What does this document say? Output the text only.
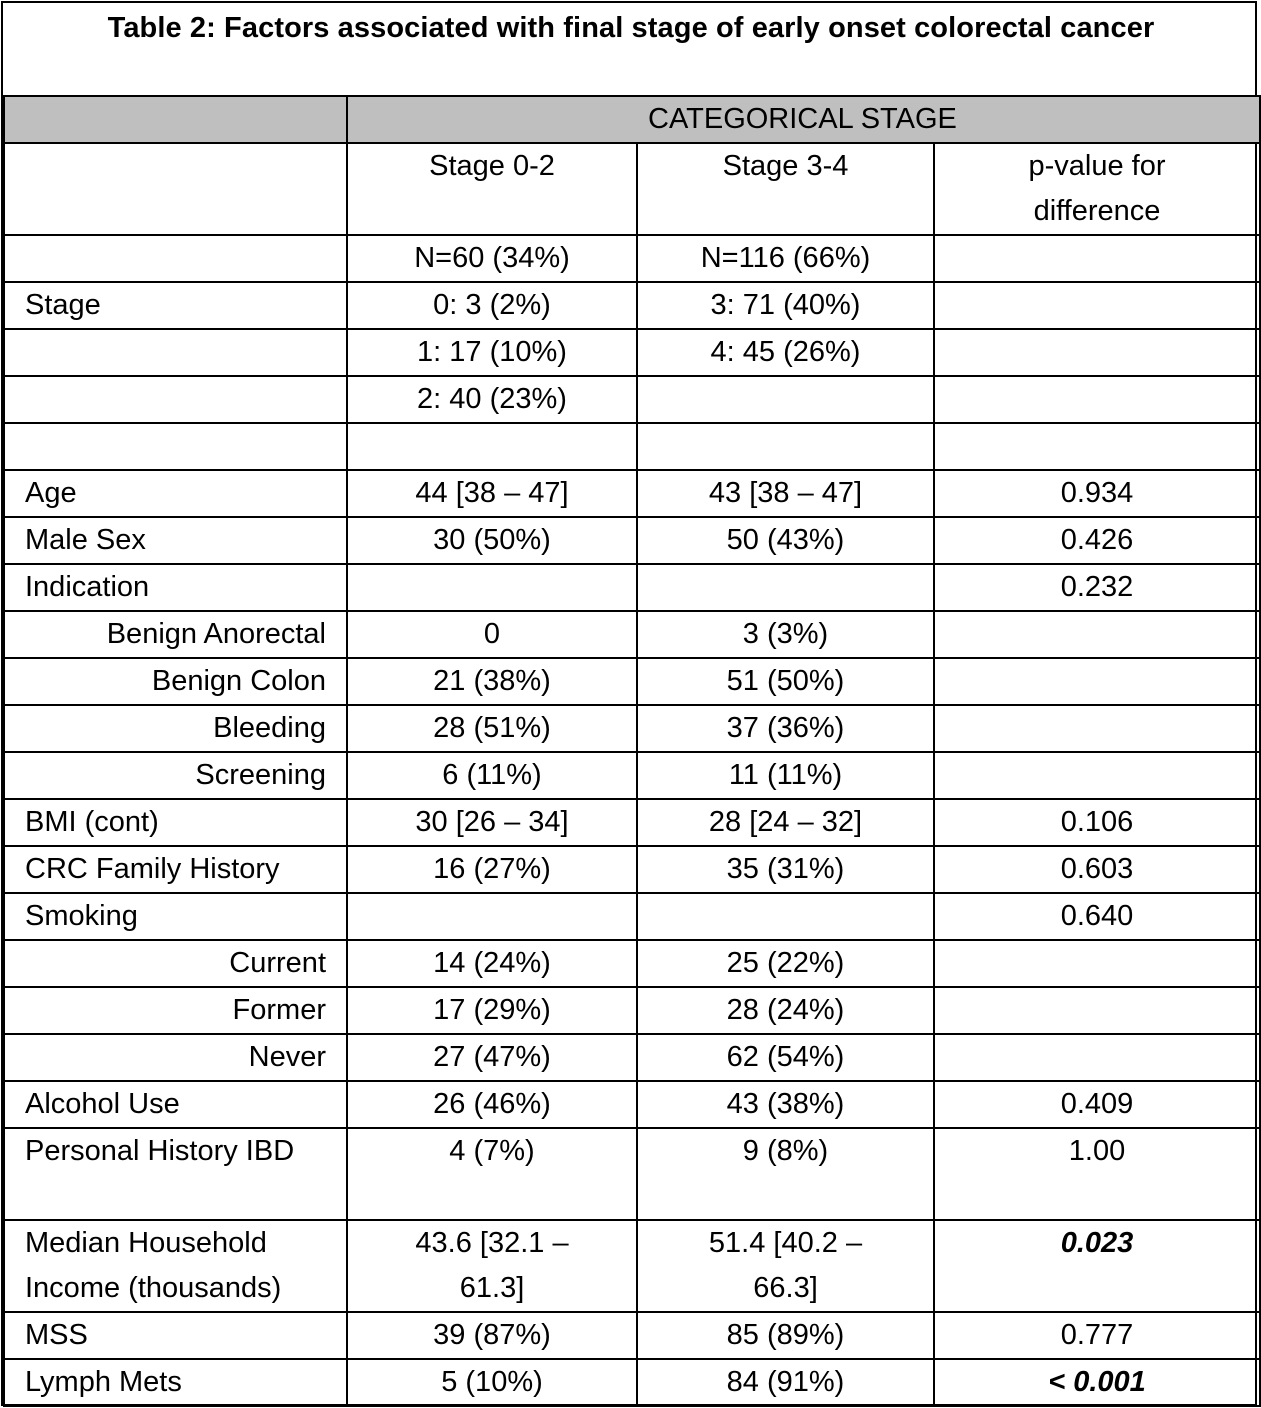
Table 2: Factors associated with final stage of early onset colorectal cancer
	CATEGORICAL STAGE		
	Stage 0-2	Stage 3-4	p-value for difference
	N=60 (34%)	N=116 (66%)	
Stage	0: 3 (2%)	3: 71 (40%)	
	1: 17 (10%)	4: 45 (26%)	
	2: 40 (23%)		

Age	44 [38 – 47]	43 [38 – 47]	0.934
Male Sex	30 (50%)	50 (43%)	0.426
Indication			0.232
Benign Anorectal	0	3 (3%)	
Benign Colon	21 (38%)	51 (50%)	
Bleeding	28 (51%)	37 (36%)	
Screening	6 (11%)	11 (11%)	
BMI (cont)	30 [26 – 34]	28 [24 – 32]	0.106
CRC Family History	16 (27%)	35 (31%)	0.603
Smoking			0.640
Current	14 (24%)	25 (22%)	
Former	17 (29%)	28 (24%)	
Never	27 (47%)	62 (54%)	
Alcohol Use	26 (46%)	43 (38%)	0.409
Personal History IBD	4 (7%)	9 (8%)	1.00
Median Household Income (thousands)	43.6 [32.1 – 61.3]	51.4 [40.2 – 66.3]	0.023
MSS	39 (87%)	85 (89%)	0.777
Lymph Mets	5 (10%)	84 (91%)	< 0.001
